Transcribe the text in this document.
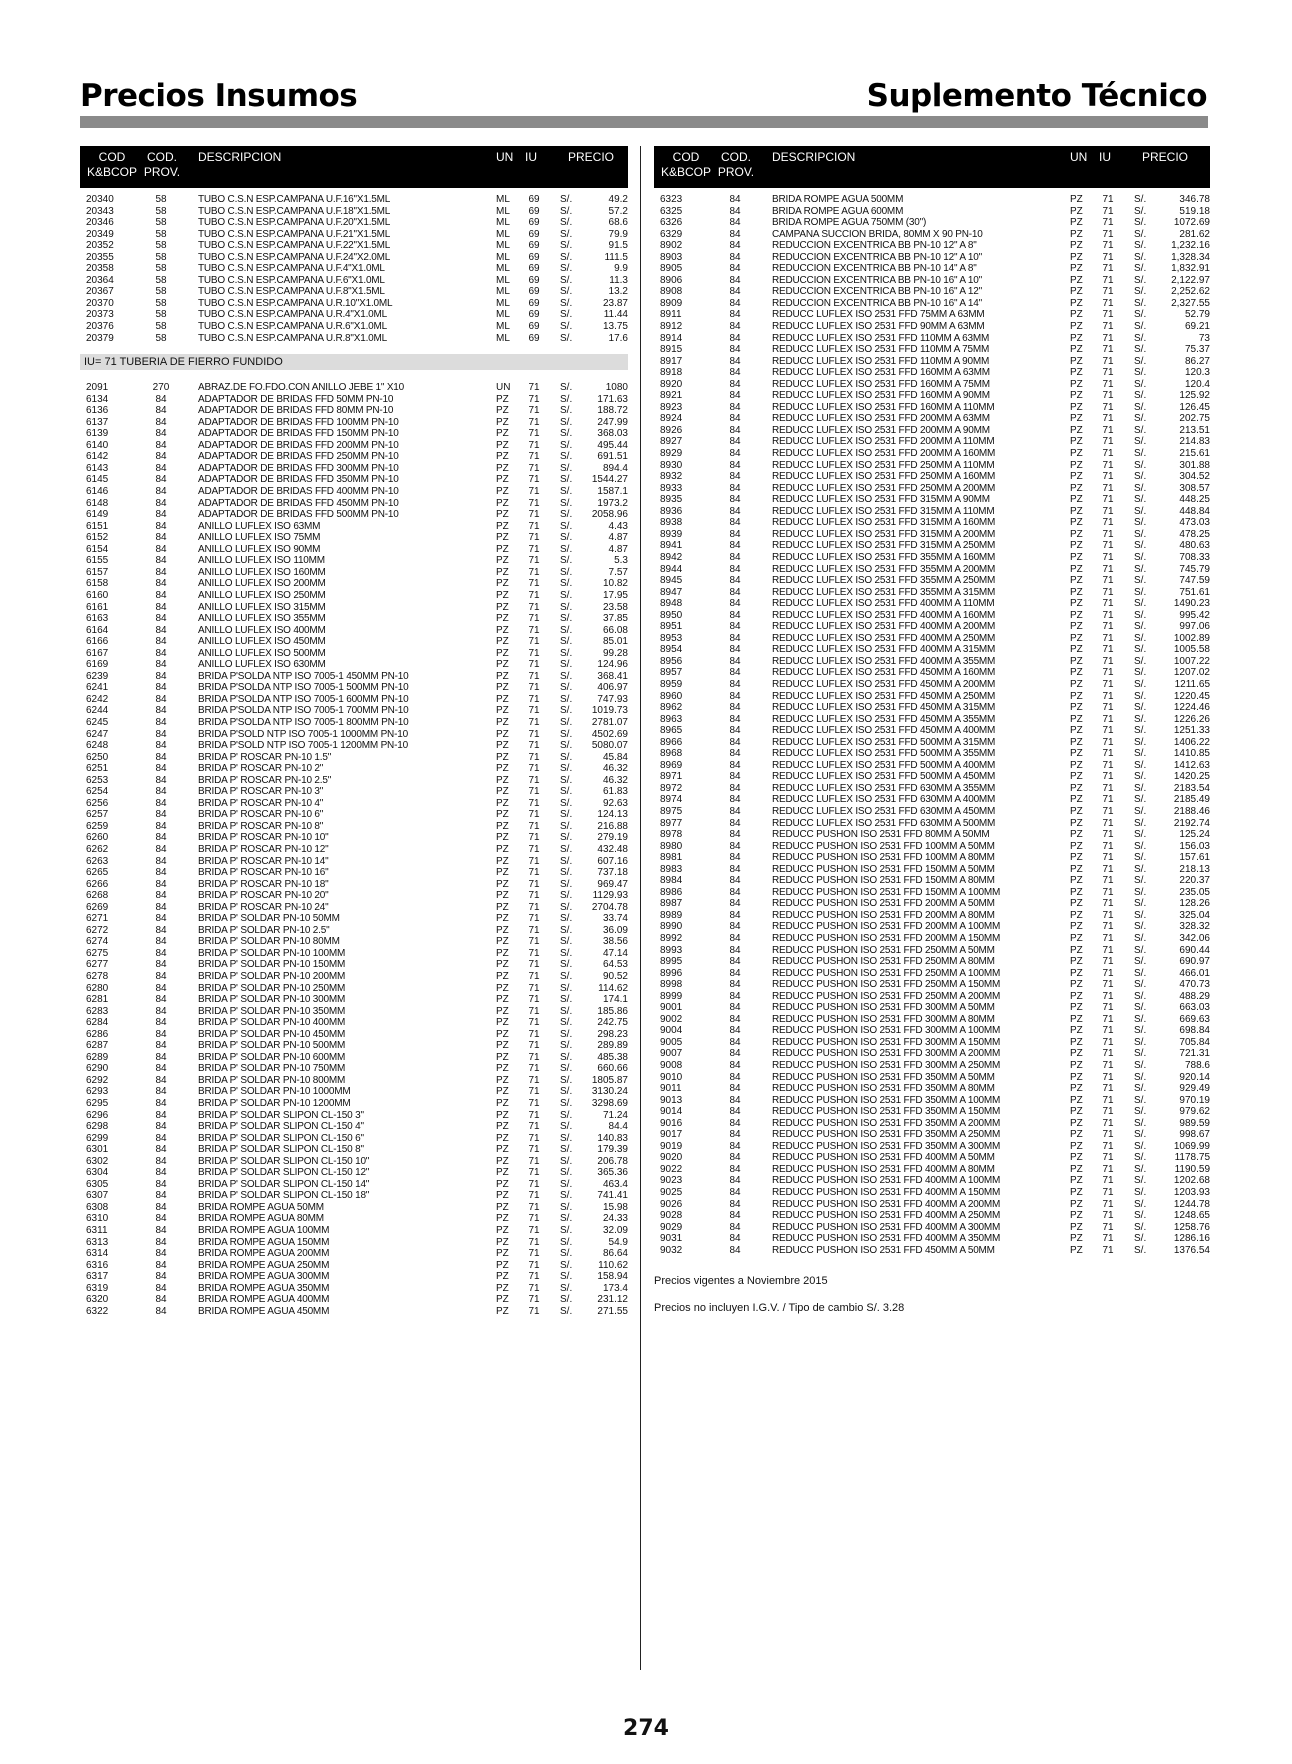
Precios Insumos	Suplemento Técnico
COD
K&BCOP
COD.
PROV.
DESCRIPCION	UN IU	PRECIO
20340	58	TUBO C.S.N ESP.CAMPANA U.F.16"X1.5ML	ML	69	S/.	49.2
20343	58	TUBO C.S.N ESP.CAMPANA U.F.18"X1.5ML	ML	69	S/.	57.2
20346	58	TUBO C.S.N ESP.CAMPANA U.F.20"X1.5ML	ML	69	S/.	68.6
20349	58	TUBO C.S.N ESP.CAMPANA U.F.21"X1.5ML	ML	69	S/.	79.9
20352	58	TUBO C.S.N ESP.CAMPANA U.F.22"X1.5ML	ML	69	S/.	91.5
20355	58	TUBO C.S.N ESP.CAMPANA U.F.24"X2.0ML	ML	69	S/.	111.5
20358	58	TUBO C.S.N ESP.CAMPANA U.F.4"X1.0ML	ML	69	S/.	9.9
20364	58	TUBO C.S.N ESP.CAMPANA U.F.6"X1.0ML	ML	69	S/.	11.3
20367	58	TUBO C.S.N ESP.CAMPANA U.F.8"X1.5ML	ML	69	S/.	13.2
20370	58	TUBO C.S.N ESP.CAMPANA U.R.10"X1.0ML	ML	69	S/.	23.87
20373	58	TUBO C.S.N ESP.CAMPANA U.R.4"X1.0ML	ML	69	S/.	11.44
20376	58	TUBO C.S.N ESP.CAMPANA U.R.6"X1.0ML	ML	69	S/.	13.75
20379	58	TUBO C.S.N ESP.CAMPANA U.R.8"X1.0ML	ML	69	S/.	17.6
IU= 71 TUBERIA DE FIERRO FUNDIDO
2091	270	ABRAZ.DE FO.FDO.CON ANILLO JEBE 1" X10	UN	71	S/.	1080
6134	84	ADAPTADOR DE BRIDAS FFD 50MM PN-10	PZ	71	S/.	171.63
6136	84	ADAPTADOR DE BRIDAS FFD 80MM PN-10	PZ	71	S/.	188.72
6137	84	ADAPTADOR DE BRIDAS FFD 100MM PN-10	PZ	71	S/.	247.99
6139	84	ADAPTADOR DE BRIDAS FFD 150MM PN-10	PZ	71	S/.	368.03
6140	84	ADAPTADOR DE BRIDAS FFD 200MM PN-10	PZ	71	S/.	495.44
6142	84	ADAPTADOR DE BRIDAS FFD 250MM PN-10	PZ	71	S/.	691.51
6143	84	ADAPTADOR DE BRIDAS FFD 300MM PN-10	PZ	71	S/.	894.4
6145	84	ADAPTADOR DE BRIDAS FFD 350MM PN-10	PZ	71	S/. 1544.27
6146	84	ADAPTADOR DE BRIDAS FFD 400MM PN-10	PZ	71	S/.	1587.1
6148	84	ADAPTADOR DE BRIDAS FFD 450MM PN-10	PZ	71	S/.	1973.2
6149	84	ADAPTADOR DE BRIDAS FFD 500MM PN-10	PZ	71	S/. 2058.96
6151	84	ANILLO LUFLEX ISO 63MM	PZ	71	S/.	4.43
6152	84	ANILLO LUFLEX ISO 75MM	PZ	71	S/.	4.87
6154	84	ANILLO LUFLEX ISO 90MM	PZ	71	S/.	4.87
6155	84	ANILLO LUFLEX ISO 110MM	PZ	71	S/.	5.3
6157	84	ANILLO LUFLEX ISO 160MM	PZ	71	S/.	7.57
6158	84	ANILLO LUFLEX ISO 200MM	PZ	71	S/.	10.82
6160	84	ANILLO LUFLEX ISO 250MM	PZ	71	S/.	17.95
6161	84	ANILLO LUFLEX ISO 315MM	PZ	71	S/.	23.58
6163	84	ANILLO LUFLEX ISO 355MM	PZ	71	S/.	37.85
6164	84	ANILLO LUFLEX ISO 400MM	PZ	71	S/.	66.08
6166	84	ANILLO LUFLEX ISO 450MM	PZ	71	S/.	85.01
6167	84	ANILLO LUFLEX ISO 500MM	PZ	71	S/.	99.28
6169	84	ANILLO LUFLEX ISO 630MM	PZ	71	S/.	124.96
6239	84	BRIDA P'SOLDA NTP ISO 7005-1 450MM PN-10	PZ	71	S/.	368.41
6241	84	BRIDA P'SOLDA NTP ISO 7005-1 500MM PN-10	PZ	71	S/.	406.97
6242	84	BRIDA P'SOLDA NTP ISO 7005-1 600MM PN-10	PZ	71	S/.	747.93
6244	84	BRIDA P'SOLDA NTP ISO 7005-1 700MM PN-10	PZ	71	S/. 1019.73
6245	84	BRIDA P'SOLDA NTP ISO 7005-1 800MM PN-10	PZ	71	S/. 2781.07
6247	84	BRIDA P'SOLD NTP ISO 7005-1 1000MM PN-10	PZ	71	S/. 4502.69
6248	84	BRIDA P'SOLD NTP ISO 7005-1 1200MM PN-10	PZ	71	S/. 5080.07
6250	84	BRIDA P' ROSCAR PN-10 1.5"	PZ	71	S/.	45.84
6251	84	BRIDA P' ROSCAR PN-10 2"	PZ	71	S/.	46.32
6253	84	BRIDA P' ROSCAR PN-10 2.5"	PZ	71	S/.	46.32
6254	84	BRIDA P' ROSCAR PN-10 3"	PZ	71	S/.	61.83
6256	84	BRIDA P' ROSCAR PN-10 4"	PZ	71	S/.	92.63
6257	84	BRIDA P' ROSCAR PN-10 6"	PZ	71	S/.	124.13
6259	84	BRIDA P' ROSCAR PN-10 8"	PZ	71	S/.	216.88
6260	84	BRIDA P' ROSCAR PN-10 10"	PZ	71	S/.	279.19
6262	84	BRIDA P' ROSCAR PN-10 12"	PZ	71	S/.	432.48
6263	84	BRIDA P' ROSCAR PN-10 14"	PZ	71	S/.	607.16
6265	84	BRIDA P' ROSCAR PN-10 16"	PZ	71	S/.	737.18
6266	84	BRIDA P' ROSCAR PN-10 18"	PZ	71	S/.	969.47
6268	84	BRIDA P' ROSCAR PN-10 20"	PZ	71	S/. 1129.93
6269	84	BRIDA P' ROSCAR PN-10 24"	PZ	71	S/. 2704.78
6271	84	BRIDA P' SOLDAR PN-10 50MM	PZ	71	S/.	33.74
6272	84	BRIDA P' SOLDAR PN-10 2.5"	PZ	71	S/.	36.09
6274	84	BRIDA P' SOLDAR PN-10 80MM	PZ	71	S/.	38.56
6275	84	BRIDA P' SOLDAR PN-10 100MM	PZ	71	S/.	47.14
6277	84	BRIDA P' SOLDAR PN-10 150MM	PZ	71	S/.	64.53
6278	84	BRIDA P' SOLDAR PN-10 200MM	PZ	71	S/.	90.52
6280	84	BRIDA P' SOLDAR PN-10 250MM	PZ	71	S/.	114.62
6281	84	BRIDA P' SOLDAR PN-10 300MM	PZ	71	S/.	174.1
6283	84	BRIDA P' SOLDAR PN-10 350MM	PZ	71	S/.	185.86
6284	84	BRIDA P' SOLDAR PN-10 400MM	PZ	71	S/.	242.75
6286	84	BRIDA P' SOLDAR PN-10 450MM	PZ	71	S/.	298.23
6287	84	BRIDA P' SOLDAR PN-10 500MM	PZ	71	S/.	289.89
6289	84	BRIDA P' SOLDAR PN-10 600MM	PZ	71	S/.	485.38
6290	84	BRIDA P' SOLDAR PN-10 750MM	PZ	71	S/.	660.66
6292	84	BRIDA P' SOLDAR PN-10 800MM	PZ	71	S/. 1805.87
6293	84	BRIDA P' SOLDAR PN-10 1000MM	PZ	71	S/. 3130.24
6295	84	BRIDA P' SOLDAR PN-10 1200MM	PZ	71	S/. 3298.69
6296	84	BRIDA P' SOLDAR SLIPON CL-150 3"	PZ	71	S/.	71.24
6298	84	BRIDA P' SOLDAR SLIPON CL-150 4"	PZ	71	S/.	84.4
6299	84	BRIDA P' SOLDAR SLIPON CL-150 6"	PZ	71	S/.	140.83
6301	84	BRIDA P' SOLDAR SLIPON CL-150 8"	PZ	71	S/.	179.39
6302	84	BRIDA P' SOLDAR SLIPON CL-150 10"	PZ	71	S/.	206.78
6304	84	BRIDA P' SOLDAR SLIPON CL-150 12"	PZ	71	S/.	365.36
6305	84	BRIDA P' SOLDAR SLIPON CL-150 14"	PZ	71	S/.	463.4
6307	84	BRIDA P' SOLDAR SLIPON CL-150 18"	PZ	71	S/.	741.41
6308	84	BRIDA ROMPE AGUA 50MM	PZ	71	S/.	15.98
6310	84	BRIDA ROMPE AGUA 80MM	PZ	71	S/.	24.33
6311	84	BRIDA ROMPE AGUA 100MM	PZ	71	S/.	32.09
6313	84	BRIDA ROMPE AGUA 150MM	PZ	71	S/.	54.9
6314	84	BRIDA ROMPE AGUA 200MM	PZ	71	S/.	86.64
6316	84	BRIDA ROMPE AGUA 250MM	PZ	71	S/.	110.62
6317	84	BRIDA ROMPE AGUA 300MM	PZ	71	S/.	158.94
6319	84	BRIDA ROMPE AGUA 350MM	PZ	71	S/.	173.4
6320	84	BRIDA ROMPE AGUA 400MM	PZ	71	S/.	231.12
6322	84	BRIDA ROMPE AGUA 450MM	PZ	71	S/.	271.55
COD
K&BCOP
COD.
PROV.
DESCRIPCION	UN IU	PRECIO
6323	84	BRIDA ROMPE AGUA 500MM	PZ	71	S/.	346.78
6325	84	BRIDA ROMPE AGUA 600MM	PZ	71	S/.	519.18
6326	84	BRIDA ROMPE AGUA 750MM (30")	PZ	71	S/.	1072.69
6329	84	CAMPANA SUCCION BRIDA, 80MM X 90 PN-10	PZ	71	S/.	281.62
8902	84	REDUCCION EXCENTRICA BB PN-10 12" A 8"	PZ	71	S/. 1,232.16
8903	84	REDUCCION EXCENTRICA BB PN-10 12" A 10"	PZ	71	S/. 1,328.34
8905	84	REDUCCION EXCENTRICA BB PN-10 14" A 8"	PZ	71	S/. 1,832.91
8906	84	REDUCCION EXCENTRICA BB PN-10 16" A 10"	PZ	71	S/. 2,122.97
8908	84	REDUCCION EXCENTRICA BB PN-10 16" A 12"	PZ	71	S/. 2,252.62
8909	84	REDUCCION EXCENTRICA BB PN-10 16" A 14"	PZ	71	S/. 2,327.55
8911	84	REDUCC LUFLEX ISO 2531 FFD 75MM A 63MM	PZ	71	S/.	52.79
8912	84	REDUCC LUFLEX ISO 2531 FFD 90MM A 63MM	PZ	71	S/.	69.21
8914	84	REDUCC LUFLEX ISO 2531 FFD 110MM A 63MM	PZ	71	S/.	73
8915	84	REDUCC LUFLEX ISO 2531 FFD 110MM A 75MM	PZ	71	S/.	75.37
8917	84	REDUCC LUFLEX ISO 2531 FFD 110MM A 90MM	PZ	71	S/.	86.27
8918	84	REDUCC LUFLEX ISO 2531 FFD 160MM A 63MM	PZ	71	S/.	120.3
8920	84	REDUCC LUFLEX ISO 2531 FFD 160MM A 75MM	PZ	71	S/.	120.4
8921	84	REDUCC LUFLEX ISO 2531 FFD 160MM A 90MM	PZ	71	S/.	125.92
8923	84	REDUCC LUFLEX ISO 2531 FFD 160MM A 110MM	PZ	71	S/.	126.45
8924	84	REDUCC LUFLEX ISO 2531 FFD 200MM A 63MM	PZ	71	S/.	202.75
8926	84	REDUCC LUFLEX ISO 2531 FFD 200MM A 90MM	PZ	71	S/.	213.51
8927	84	REDUCC LUFLEX ISO 2531 FFD 200MM A 110MM	PZ	71	S/.	214.83
8929	84	REDUCC LUFLEX ISO 2531 FFD 200MM A 160MM	PZ	71	S/.	215.61
8930	84	REDUCC LUFLEX ISO 2531 FFD 250MM A 110MM	PZ	71	S/.	301.88
8932	84	REDUCC LUFLEX ISO 2531 FFD 250MM A 160MM	PZ	71	S/.	304.52
8933	84	REDUCC LUFLEX ISO 2531 FFD 250MM A 200MM	PZ	71	S/.	308.57
8935	84	REDUCC LUFLEX ISO 2531 FFD 315MM A 90MM	PZ	71	S/.	448.25
8936	84	REDUCC LUFLEX ISO 2531 FFD 315MM A 110MM	PZ	71	S/.	448.84
8938	84	REDUCC LUFLEX ISO 2531 FFD 315MM A 160MM	PZ	71	S/.	473.03
8939	84	REDUCC LUFLEX ISO 2531 FFD 315MM A 200MM	PZ	71	S/.	478.25
8941	84	REDUCC LUFLEX ISO 2531 FFD 315MM A 250MM	PZ	71	S/.	480.63
8942	84	REDUCC LUFLEX ISO 2531 FFD 355MM A 160MM	PZ	71	S/.	708.33
8944	84	REDUCC LUFLEX ISO 2531 FFD 355MM A 200MM	PZ	71	S/.	745.79
8945	84	REDUCC LUFLEX ISO 2531 FFD 355MM A 250MM	PZ	71	S/.	747.59
8947	84	REDUCC LUFLEX ISO 2531 FFD 355MM A 315MM	PZ	71	S/.	751.61
8948	84	REDUCC LUFLEX ISO 2531 FFD 400MM A 110MM	PZ	71	S/.	1490.23
8950	84	REDUCC LUFLEX ISO 2531 FFD 400MM A 160MM	PZ	71	S/.	995.42
8951	84	REDUCC LUFLEX ISO 2531 FFD 400MM A 200MM	PZ	71	S/.	997.06
8953	84	REDUCC LUFLEX ISO 2531 FFD 400MM A 250MM	PZ	71	S/.	1002.89
8954	84	REDUCC LUFLEX ISO 2531 FFD 400MM A 315MM	PZ	71	S/.	1005.58
8956	84	REDUCC LUFLEX ISO 2531 FFD 400MM A 355MM	PZ	71	S/.	1007.22
8957	84	REDUCC LUFLEX ISO 2531 FFD 450MM A 160MM	PZ	71	S/.	1207.02
8959	84	REDUCC LUFLEX ISO 2531 FFD 450MM A 200MM	PZ	71	S/.	1211.65
8960	84	REDUCC LUFLEX ISO 2531 FFD 450MM A 250MM	PZ	71	S/.	1220.45
8962	84	REDUCC LUFLEX ISO 2531 FFD 450MM A 315MM	PZ	71	S/.	1224.46
8963	84	REDUCC LUFLEX ISO 2531 FFD 450MM A 355MM	PZ	71	S/.	1226.26
8965	84	REDUCC LUFLEX ISO 2531 FFD 450MM A 400MM	PZ	71	S/.	1251.33
8966	84	REDUCC LUFLEX ISO 2531 FFD 500MM A 315MM	PZ	71	S/.	1406.22
8968	84	REDUCC LUFLEX ISO 2531 FFD 500MM A 355MM	PZ	71	S/.	1410.85
8969	84	REDUCC LUFLEX ISO 2531 FFD 500MM A 400MM	PZ	71	S/.	1412.63
8971	84	REDUCC LUFLEX ISO 2531 FFD 500MM A 450MM	PZ	71	S/.	1420.25
8972	84	REDUCC LUFLEX ISO 2531 FFD 630MM A 355MM	PZ	71	S/.	2183.54
8974	84	REDUCC LUFLEX ISO 2531 FFD 630MM A 400MM	PZ	71	S/.	2185.49
8975	84	REDUCC LUFLEX ISO 2531 FFD 630MM A 450MM	PZ	71	S/.	2188.46
8977	84	REDUCC LUFLEX ISO 2531 FFD 630MM A 500MM	PZ	71	S/.	2192.74
8978	84	REDUCC PUSHON ISO 2531 FFD 80MM A 50MM	PZ	71	S/.	125.24
8980	84	REDUCC PUSHON ISO 2531 FFD 100MM A 50MM	PZ	71	S/.	156.03
8981	84	REDUCC PUSHON ISO 2531 FFD 100MM A 80MM	PZ	71	S/.	157.61
8983	84	REDUCC PUSHON ISO 2531 FFD 150MM A 50MM	PZ	71	S/.	218.13
8984	84	REDUCC PUSHON ISO 2531 FFD 150MM A 80MM	PZ	71	S/.	220.37
8986	84	REDUCC PUSHON ISO 2531 FFD 150MM A 100MM	PZ	71	S/.	235.05
8987	84	REDUCC PUSHON ISO 2531 FFD 200MM A 50MM	PZ	71	S/.	128.26
8989	84	REDUCC PUSHON ISO 2531 FFD 200MM A 80MM	PZ	71	S/.	325.04
8990	84	REDUCC PUSHON ISO 2531 FFD 200MM A 100MM	PZ	71	S/.	328.32
8992	84	REDUCC PUSHON ISO 2531 FFD 200MM A 150MM	PZ	71	S/.	342.06
8993	84	REDUCC PUSHON ISO 2531 FFD 250MM A 50MM	PZ	71	S/.	690.44
8995	84	REDUCC PUSHON ISO 2531 FFD 250MM A 80MM	PZ	71	S/.	690.97
8996	84	REDUCC PUSHON ISO 2531 FFD 250MM A 100MM	PZ	71	S/.	466.01
8998	84	REDUCC PUSHON ISO 2531 FFD 250MM A 150MM	PZ	71	S/.	470.73
8999	84	REDUCC PUSHON ISO 2531 FFD 250MM A 200MM	PZ	71	S/.	488.29
9001	84	REDUCC PUSHON ISO 2531 FFD 300MM A 50MM	PZ	71	S/.	663.03
9002	84	REDUCC PUSHON ISO 2531 FFD 300MM A 80MM	PZ	71	S/.	669.63
9004	84	REDUCC PUSHON ISO 2531 FFD 300MM A 100MM	PZ	71	S/.	698.84
9005	84	REDUCC PUSHON ISO 2531 FFD 300MM A 150MM	PZ	71	S/.	705.84
9007	84	REDUCC PUSHON ISO 2531 FFD 300MM A 200MM	PZ	71	S/.	721.31
9008	84	REDUCC PUSHON ISO 2531 FFD 300MM A 250MM	PZ	71	S/.	788.6
9010	84	REDUCC PUSHON ISO 2531 FFD 350MM A 50MM	PZ	71	S/.	920.14
9011	84	REDUCC PUSHON ISO 2531 FFD 350MM A 80MM	PZ	71	S/.	929.49
9013	84	REDUCC PUSHON ISO 2531 FFD 350MM A 100MM	PZ	71	S/.	970.19
9014	84	REDUCC PUSHON ISO 2531 FFD 350MM A 150MM	PZ	71	S/.	979.62
9016	84	REDUCC PUSHON ISO 2531 FFD 350MM A 200MM	PZ	71	S/.	989.59
9017	84	REDUCC PUSHON ISO 2531 FFD 350MM A 250MM	PZ	71	S/.	998.67
9019	84	REDUCC PUSHON ISO 2531 FFD 350MM A 300MM	PZ	71	S/.	1069.99
9020	84	REDUCC PUSHON ISO 2531 FFD 400MM A 50MM	PZ	71	S/.	1178.75
9022	84	REDUCC PUSHON ISO 2531 FFD 400MM A 80MM	PZ	71	S/.	1190.59
9023	84	REDUCC PUSHON ISO 2531 FFD 400MM A 100MM	PZ	71	S/.	1202.68
9025	84	REDUCC PUSHON ISO 2531 FFD 400MM A 150MM	PZ	71	S/.	1203.93
9026	84	REDUCC PUSHON ISO 2531 FFD 400MM A 200MM	PZ	71	S/.	1244.78
9028	84	REDUCC PUSHON ISO 2531 FFD 400MM A 250MM	PZ	71	S/.	1248.65
9029	84	REDUCC PUSHON ISO 2531 FFD 400MM A 300MM	PZ	71	S/.	1258.76
9031	84	REDUCC PUSHON ISO 2531 FFD 400MM A 350MM	PZ	71	S/.	1286.16
9032	84	REDUCC PUSHON ISO 2531 FFD 450MM A 50MM	PZ	71	S/.	1376.54
Precios vigentes a Noviembre 2015
Precios no incluyen I.G.V. / Tipo de cambio S/. 3.28
274
